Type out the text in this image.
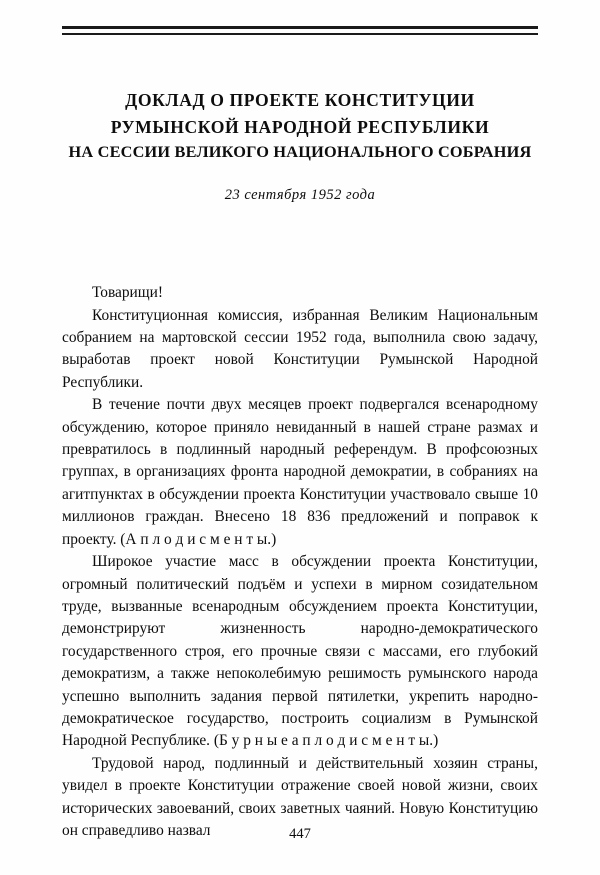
ДОКЛАД О ПРОЕКТЕ КОНСТИТУЦИИ
РУМЫНСКОЙ НАРОДНОЙ РЕСПУБЛИКИ
НА СЕССИИ ВЕЛИКОГО НАЦИОНАЛЬНОГО СОБРАНИЯ
23 сентября 1952 года

Товарищи!

Конституционная комиссия, избранная Великим Национальным собранием на мартовской сессии 1952 года, выполнила свою задачу, выработав проект новой Конституции Румынской Народной Республики.

В течение почти двух месяцев проект подвергался всенародному обсуждению, которое приняло невиданный в нашей стране размах и превратилось в подлинный народный референдум. В профсоюзных группах, в организациях фронта народной демократии, в собраниях на агитпунктах в обсуждении проекта Конституции участвовало свыше 10 миллионов граждан. Внесено 18 836 предложений и поправок к проекту. (А п л о д и с м е н т ы.)

Широкое участие масс в обсуждении проекта Конституции, огромный политический подъём и успехи в мирном созидательном труде, вызванные всенародным обсуждением проекта Конституции, демонстрируют жизненность народно-демократического государственного строя, его прочные связи с массами, его глубокий демократизм, а также непоколебимую решимость румынского народа успешно выполнить задания первой пятилетки, укрепить народно-демократическое государство, построить социализм в Румынской Народной Республике. (Б у р н ы е а п л о д и с м е н т ы.)

Трудовой народ, подлинный и действительный хозяин страны, увидел в проекте Конституции отражение своей новой жизни, своих исторических завоеваний, своих заветных чаяний. Новую Конституцию он справедливо назвал	447
